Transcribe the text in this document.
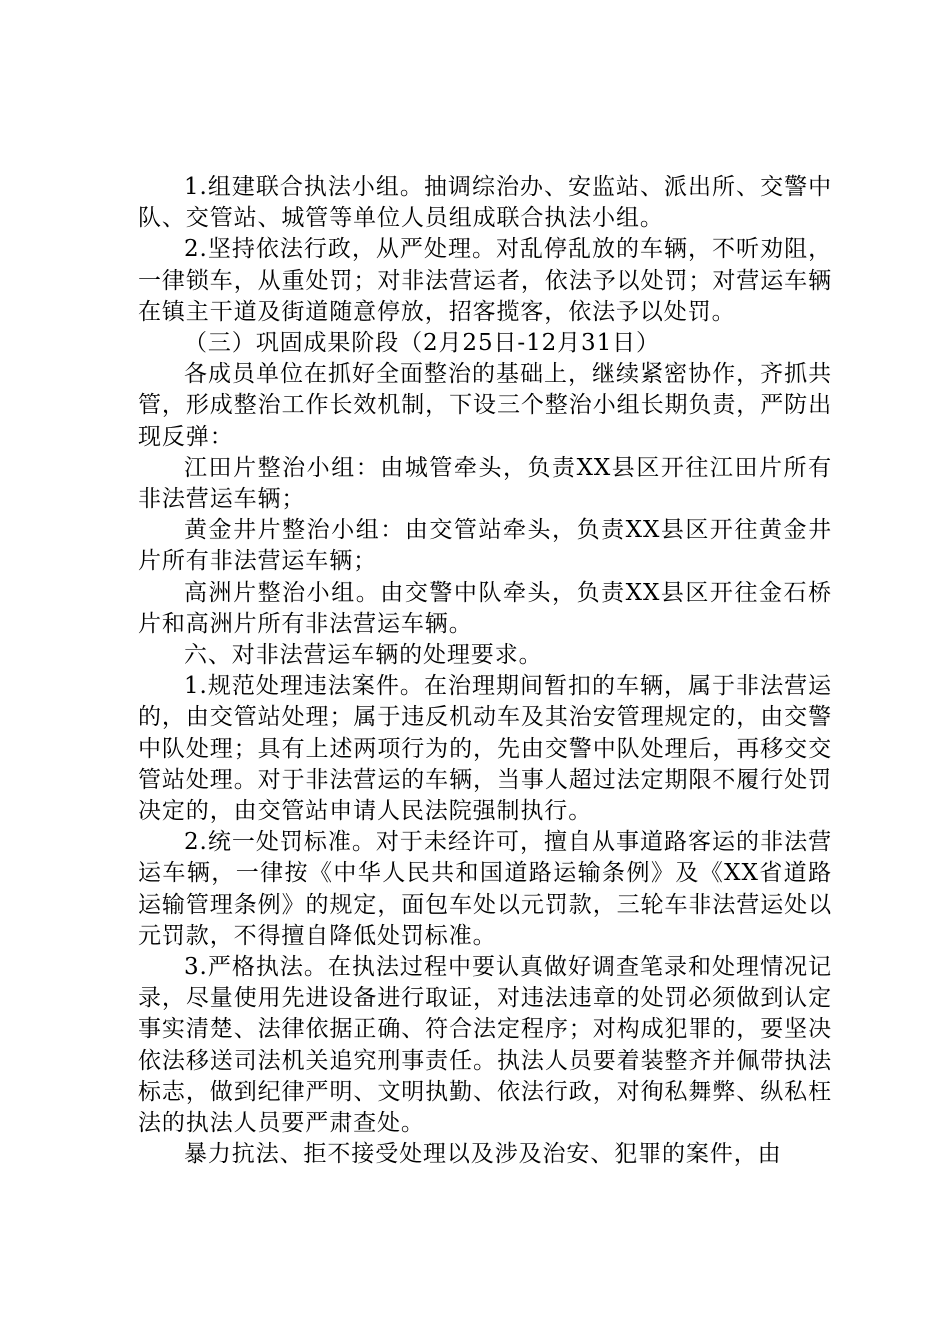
1.组建联合执法小组。抽调综治办、安监站、派出所、交警中队、交管站、城管等单位人员组成联合执法小组。

2.坚持依法行政，从严处理。对乱停乱放的车辆，不听劝阻，一律锁车，从重处罚；对非法营运者，依法予以处罚；对营运车辆在镇主干道及街道随意停放，招客揽客，依法予以处罚。

（三）巩固成果阶段（2月25日-12月31日）

各成员单位在抓好全面整治的基础上，继续紧密协作，齐抓共管，形成整治工作长效机制，下设三个整治小组长期负责，严防出现反弹：

江田片整治小组：由城管牵头，负责XX县区开往江田片所有非法营运车辆；

黄金井片整治小组：由交管站牵头，负责XX县区开往黄金井片所有非法营运车辆；

高洲片整治小组。由交警中队牵头，负责XX县区开往金石桥片和高洲片所有非法营运车辆。

六、对非法营运车辆的处理要求。

1.规范处理违法案件。在治理期间暂扣的车辆，属于非法营运的，由交管站处理；属于违反机动车及其治安管理规定的，由交警中队处理；具有上述两项行为的，先由交警中队处理后，再移交交管站处理。对于非法营运的车辆，当事人超过法定期限不履行处罚决定的，由交管站申请人民法院强制执行。

2.统一处罚标准。对于未经许可，擅自从事道路客运的非法营运车辆，一律按《中华人民共和国道路运输条例》及《XX省道路运输管理条例》的规定，面包车处以元罚款，三轮车非法营运处以元罚款，不得擅自降低处罚标准。

3.严格执法。在执法过程中要认真做好调查笔录和处理情况记录，尽量使用先进设备进行取证，对违法违章的处罚必须做到认定事实清楚、法律依据正确、符合法定程序；对构成犯罪的，要坚决依法移送司法机关追究刑事责任。执法人员要着装整齐并佩带执法标志，做到纪律严明、文明执勤、依法行政，对徇私舞弊、纵私枉法的执法人员要严肃查处。

暴力抗法、拒不接受处理以及涉及治安、犯罪的案件，由
